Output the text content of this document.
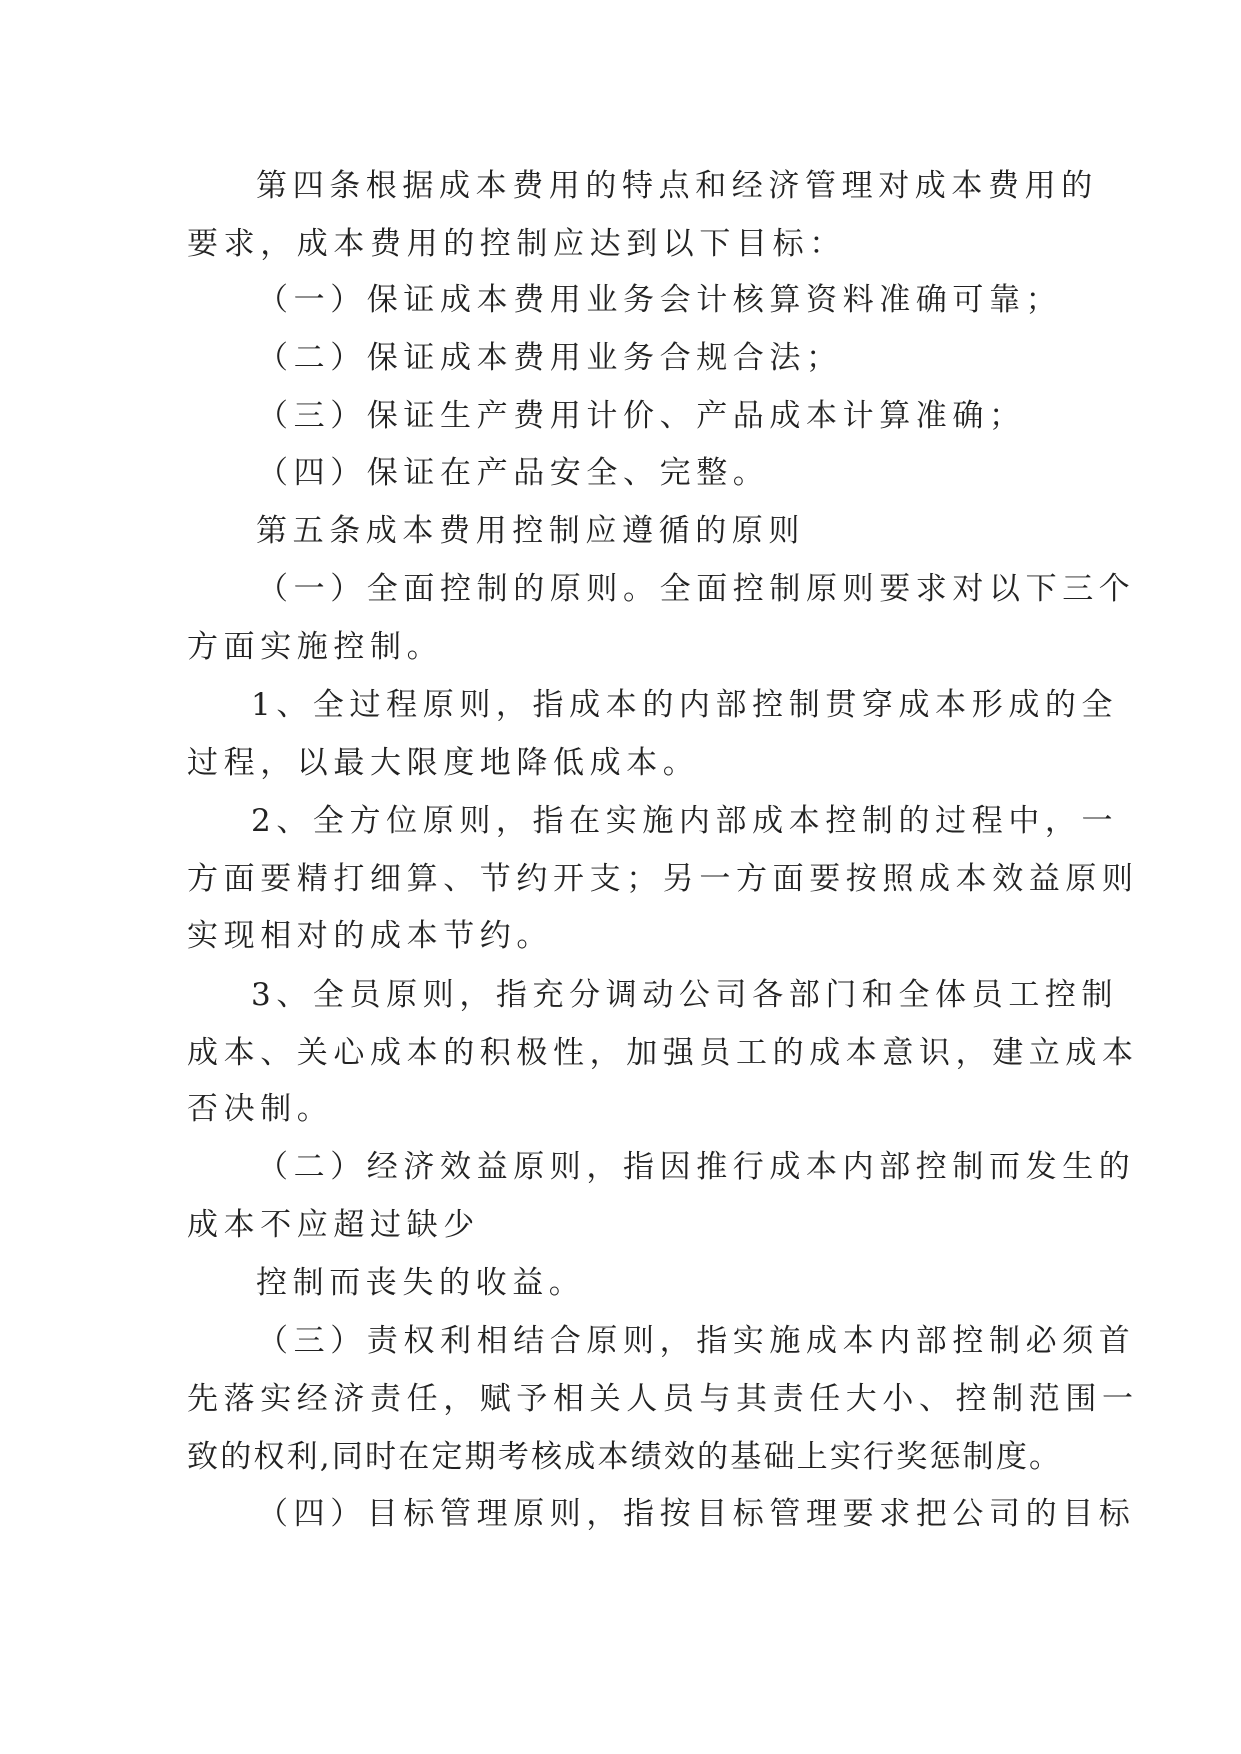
第四条根据成本费用的特点和经济管理对成本费用的
要求，成本费用的控制应达到以下目标：
（一）保证成本费用业务会计核算资料准确可靠；
（二）保证成本费用业务合规合法；
（三）保证生产费用计价、产品成本计算准确；
（四）保证在产品安全、完整。
第五条成本费用控制应遵循的原则
（一）全面控制的原则。全面控制原则要求对以下三个
方面实施控制。
1、全过程原则，指成本的内部控制贯穿成本形成的全
过程，以最大限度地降低成本。
2、全方位原则，指在实施内部成本控制的过程中，一
方面要精打细算、节约开支；另一方面要按照成本效益原则
实现相对的成本节约。
3、全员原则，指充分调动公司各部门和全体员工控制
成本、关心成本的积极性，加强员工的成本意识，建立成本
否决制。
（二）经济效益原则，指因推行成本内部控制而发生的
成本不应超过缺少
控制而丧失的收益。
（三）责权利相结合原则，指实施成本内部控制必须首
先落实经济责任，赋予相关人员与其责任大小、控制范围一
致的权利,同时在定期考核成本绩效的基础上实行奖惩制度。
（四）目标管理原则，指按目标管理要求把公司的目标
